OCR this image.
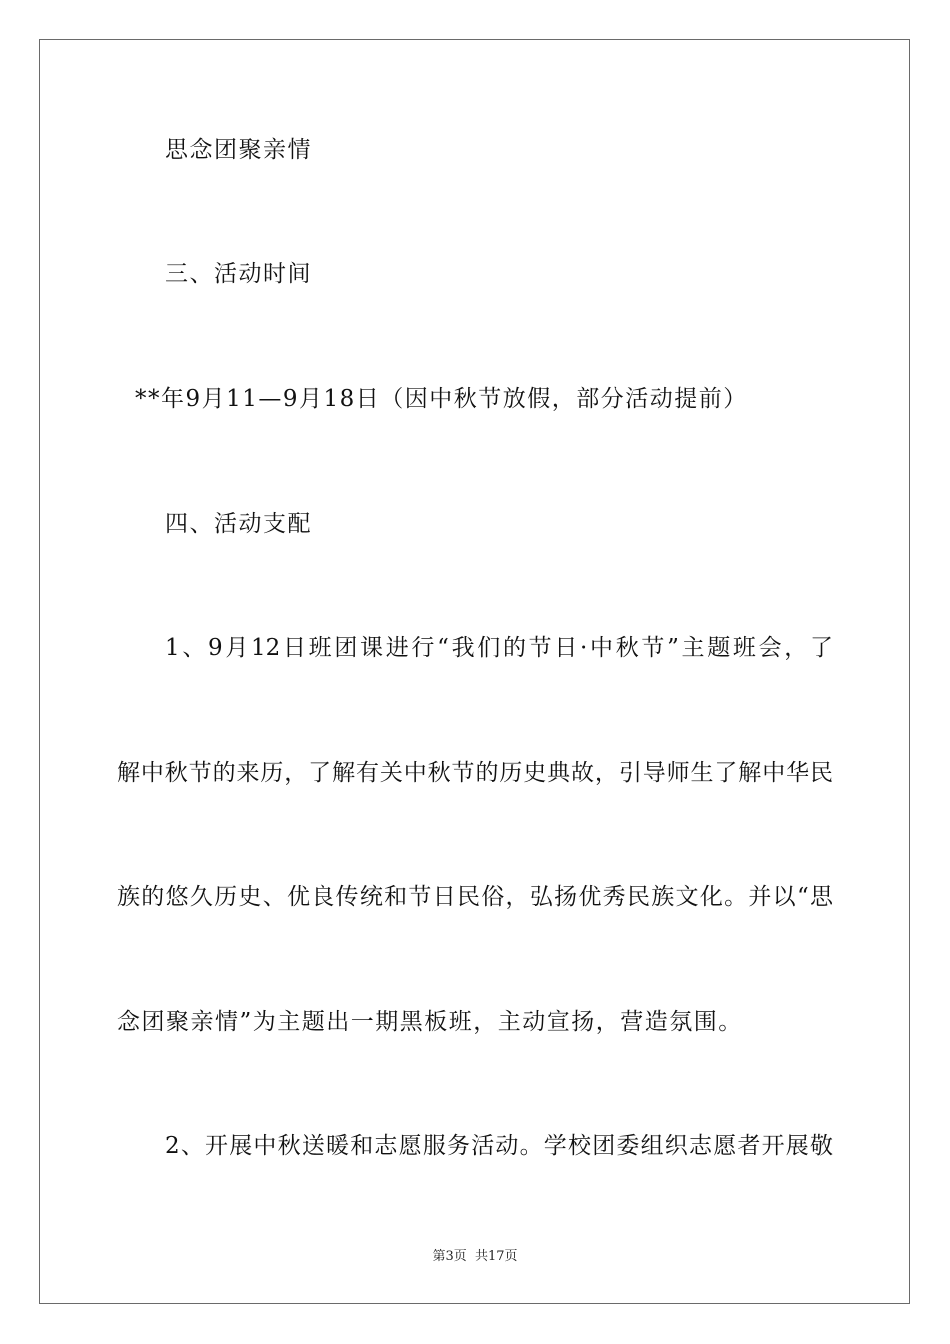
思念团聚亲情
三、活动时间
**年9月11—9月18日（因中秋节放假，部分活动提前）
四、活动支配
1、9月12日班团课进行“我们的节日·中秋节”主题班会，了
解中秋节的来历，了解有关中秋节的历史典故，引导师生了解中华民
族的悠久历史、优良传统和节日民俗，弘扬优秀民族文化。并以“思
念团聚亲情”为主题出一期黑板班，主动宣扬，营造氛围。
2、开展中秋送暖和志愿服务活动。学校团委组织志愿者开展敬
第3页 共17页
